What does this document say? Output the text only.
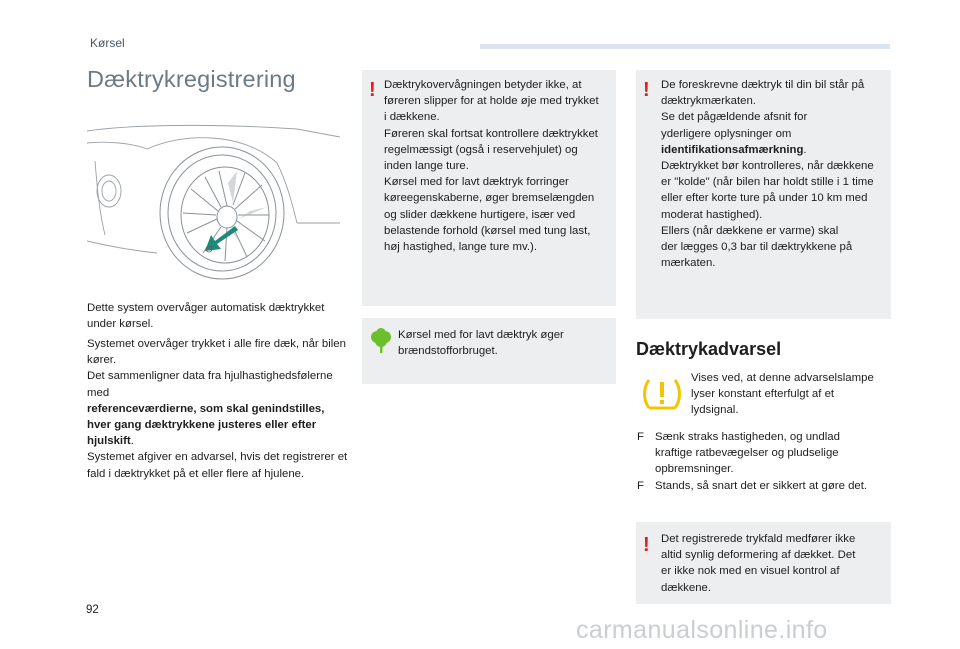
Kørsel
Dæktrykregistrering
Dette system overvåger automatisk dæktrykket under kørsel.
Systemet overvåger trykket i alle fire dæk, når bilen kører.
Det sammenligner data fra hjulhastighedsfølerne med
referenceværdierne, som skal genindstilles, hver gang dæktrykkene justeres eller efter hjulskift.
Systemet afgiver en advarsel, hvis det registrerer et fald i dæktrykket på et eller flere af hjulene.
! Dæktrykovervågningen betyder ikke, at
føreren slipper for at holde øje med trykket
i dækkene.
Føreren skal fortsat kontrollere dæktrykket
regelmæssigt (også i reservehjulet) og
inden lange ture.
Kørsel med for lavt dæktryk forringer
køreegenskaberne, øger bremselængden
og slider dækkene hurtigere, især ved
belastende forhold (kørsel med tung last,
høj hastighed, lange ture mv.).
Kørsel med for lavt dæktryk øger
brændstofforbruget.
! De foreskrevne dæktryk til din bil står på
dæktrykmærkaten.
Se det pågældende afsnit for
yderligere oplysninger om
identifikationsafmærkning.
Dæktrykket bør kontrolleres, når dækkene
er "kolde" (når bilen har holdt stille i 1 time
eller efter korte ture på under 10 km med
moderat hastighed).
Ellers (når dækkene er varme) skal
der lægges 0,3 bar til dæktrykkene på
mærkaten.
Dæktrykadvarsel
Vises ved, at denne advarselslampe
lyser konstant efterfulgt af et
lydsignal.
F Sænk straks hastigheden, og undlad
kraftige ratbevægelser og pludselige
opbremsninger.
F Stands, så snart det er sikkert at gøre det.
! Det registrerede trykfald medfører ikke
altid synlig deformering af dækket. Det
er ikke nok med en visuel kontrol af
dækkene.
92
carmanualsonline.info
